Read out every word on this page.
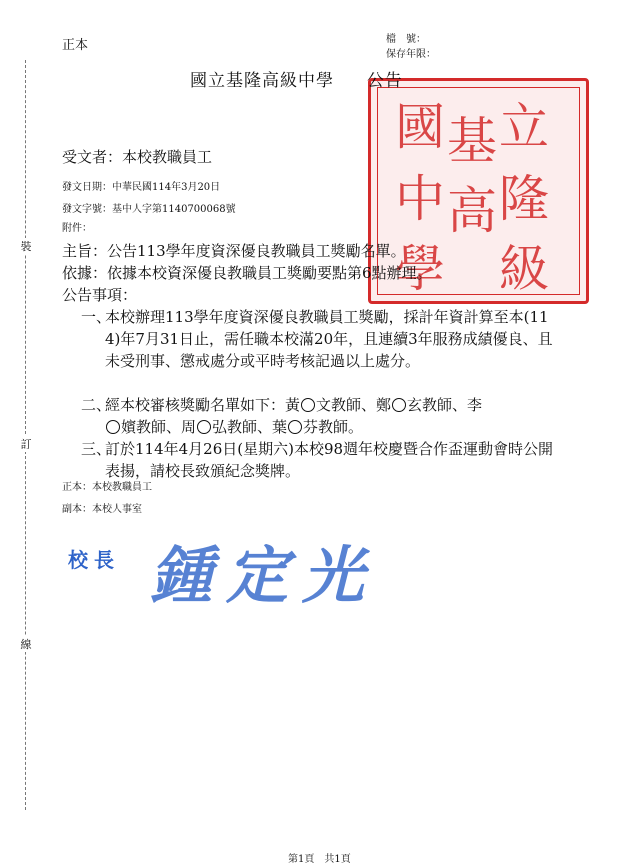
裝
訂
線
正本	檔　號：
保存年限：
國 立
基
隆
高
級
中
學
國立基隆高級中學 公告
受文者：本校教職員工
發文日期：中華民國114年3月20日
發文字號：基中人字第1140700068號
附件：
主旨：公告113學年度資深優良教職員工獎勵名單。
依據：依據本校資深優良教職員工獎勵要點第6點辦理。
公告事項：
一、
本校辦理113學年度資深優良教職員工獎勵，採計年資計算至本(114)年7月31日止，需任職本校滿20年，且連續3年服務成績優良、且未受刑事、懲戒處分或平時考核記過以上處分。
二、
經本校審核獎勵名單如下：黃 文教師、鄭 玄教師、李
嬪教師、周 弘教師、葉 芬教師。
三、
訂於114年4月26日(星期六)本校98週年校慶暨合作盃運動會時公開表揚，請校長致頒紀念獎牌。
正本：本校教職員工
副本：本校人事室
校長 鍾定光
第1頁　共1頁
